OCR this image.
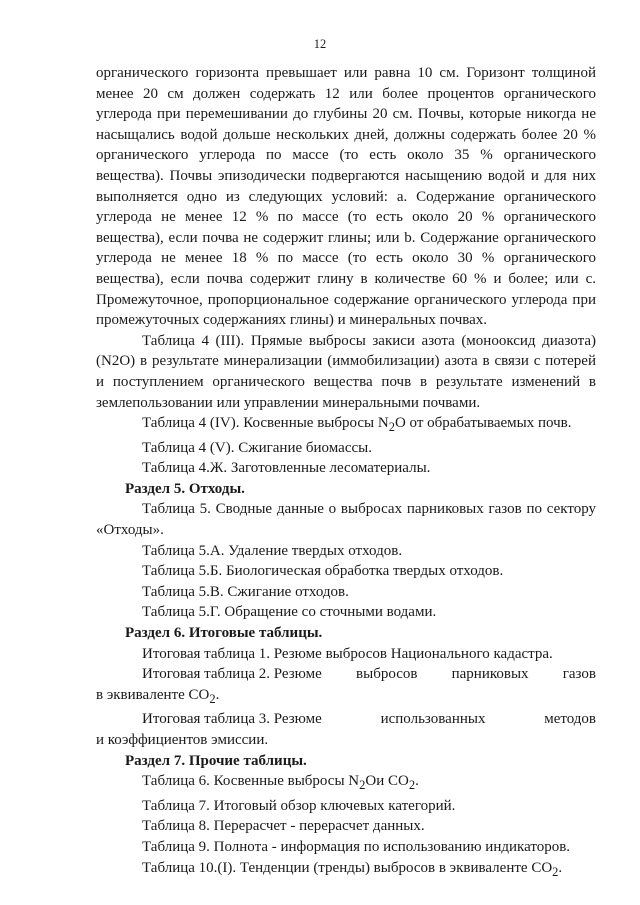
12

органического горизонта превышает или равна 10 см. Горизонт толщиной менее 20 см должен содержать 12 или более процентов органического углерода при перемешивании до глубины 20 см. Почвы, которые никогда не насыщались водой дольше нескольких дней, должны содержать более 20 % органического углерода по массе (то есть около 35 % органического вещества). Почвы эпизодически подвергаются насыщению водой и для них выполняется одно из следующих условий: а. Содержание органического углерода не менее 12 % по массе (то есть около 20 % органического вещества), если почва не содержит глины; или b. Содержание органического углерода не менее 18 % по массе (то есть около 30 % органического вещества), если почва содержит глину в количестве 60 % и более; или с. Промежуточное, пропорциональное содержание органического углерода при промежуточных содержаниях глины) и минеральных почвах.

Таблица 4 (III). Прямые выбросы закиси азота (монооксид диазота) (N2O) в результате минерализации (иммобилизации) азота в связи с потерей и поступлением органического вещества почв в результате изменений в землепользовании или управлении минеральными почвами.

Таблица 4 (IV). Косвенные выбросы $N_2O$ от обрабатываемых почв.

Таблица 4 (V). Сжигание биомассы.

Таблица 4.Ж. Заготовленные лесоматериалы.

Раздел 5. Отходы.

Таблица 5. Сводные данные о выбросах парниковых газов по сектору «Отходы».

Таблица 5.А. Удаление твердых отходов.

Таблица 5.Б. Биологическая обработка твердых отходов.

Таблица 5.В. Сжигание отходов.

Таблица 5.Г. Обращение со сточными водами.

Раздел 6. Итоговые таблицы.

Итоговая таблица 1. Резюме выбросов Национального кадастра.

Итоговая таблица 2. Резюме выбросов парниковых газов

в эквиваленте $CO_2$.

Итоговая таблица 3. Резюме	использованных	методов

и коэффициентов эмиссии.

Раздел 7. Прочие таблицы.

Таблица 6. Косвенные выбросы $N_2Oи$ $CO_2$.

Таблица 7. Итоговый обзор ключевых категорий.

Таблица 8. Перерасчет - перерасчет данных.

Таблица 9. Полнота - информация по использованию индикаторов.

Таблица 10.(I). Тенденции (тренды) выбросов в эквиваленте $CO_2$.
